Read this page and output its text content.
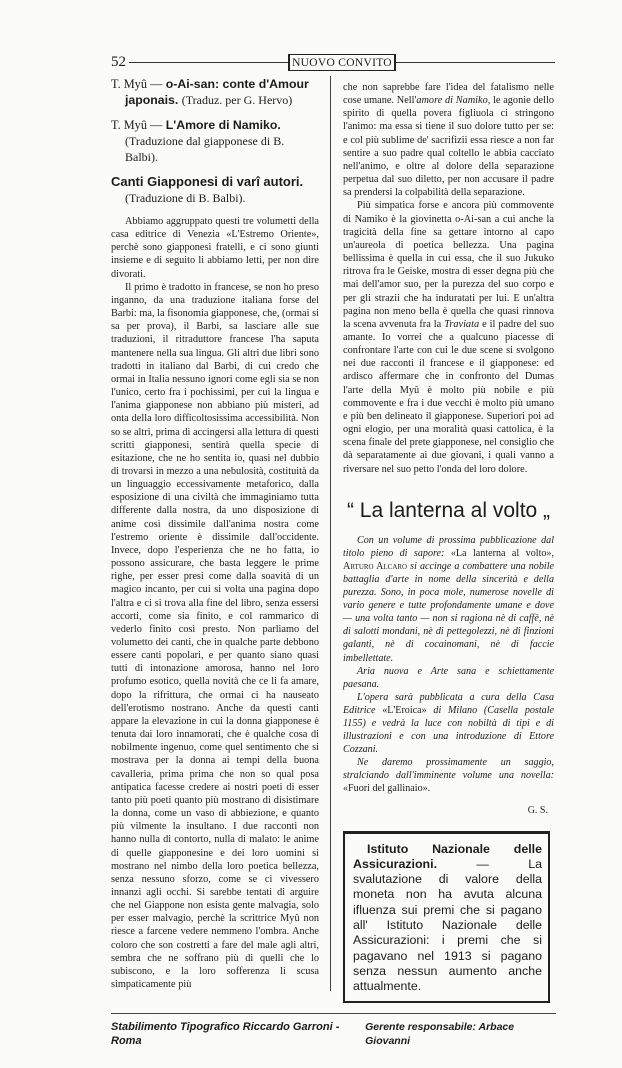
52	NUOVO CONVITO
T. Myû — o-Ai-san: conte d'Amour japonais. (Traduz. per G. Hervo)
T. Myû — L'Amore di Namiko. (Traduzione dal giapponese di B. Balbi).
Canti Giapponesi di varî autori. (Traduzione di B. Balbi).

Abbiamo aggruppato questi tre volumetti della casa editrice di Venezia «L'Estremo Oriente», perchè sono giapponesi fratelli, e ci sono giunti insieme e di seguito li abbiamo letti, per non dire divorati.

Il primo è tradotto in francese, se non ho preso inganno, da una traduzione italiana forse del Barbi: ma, la fisonomia giapponese, che, (ormai si sa per prova), il Barbi, sa lasciare alle sue traduzioni, il ritraduttore francese l'ha saputa mantenere nella sua lingua. Gli altri due libri sono tradotti in italiano dal Barbi, di cui credo che ormai in Italia nessuno ignori come egli sia se non l'unico, certo fra i pochissimi, per cui la lingua e l'anima giapponese non abbiano più misteri, ad onta della loro difficoltosissima accessibilità. Non so se altri, prima di accingersi alla lettura di questi scritti giapponesi, sentirà quella specie di esitazione, che ne ho sentita io, quasi nel dubbio di trovarsi in mezzo a una nebulosità, costituità da un linguaggio eccessivamente metaforico, dalla esposizione di una civiltà che immaginiamo tutta differente dalla nostra, da uno disposizione di anime così dissimile dall'anima nostra come l'estremo oriente è dissimile dall'occidente. Invece, dopo l'esperienza che ne ho fatta, io possono assicurare, che basta leggere le prime righe, per esser presi come dalla soavità di un magico incanto, per cui si volta una pagina dopo l'altra e ci si trova alla fine del libro, senza essersi accorti, come sia finito, e col rammarico di vederlo finito così presto. Non parliamo del volumetto dei canti, che in qualche parte debbono essere canti popolari, e per quanto siano quasi tutti di intonazione amorosa, hanno nel loro profumo esotico, quella novità che ce li fa amare, dopo la rifrittura, che ormai ci ha nauseato dell'erotismo nostrano. Anche da questi canti appare la elevazione in cui la donna giapponese è tenuta dai loro innamorati, che è qualche cosa di nobilmente ingenuo, come quel sentimento che si mostrava per la donna ai tempi della buona cavalleria, prima prima che non so qual posa antipatica facesse credere ai nostri poeti di esser tanto più poeti quanto più mostrano di disistimare la donna, come un vaso di abbiezione, e quanto più vilmente la insultano. I due racconti non hanno nulla di contorto, nulla di malato: le anime di quelle giapponesine e dei loro uomini si mostrano nel nimbo della loro poetica bellezza, senza nessuno sforzo, come se ci vivessero innanzi agli occhi. Si sarebbe tentati di arguire che nel Giappone non esista gente malvagia, solo per esser malvagio, perchè la scrittrice Myû non riesce a farcene vedere nemmeno l'ombra. Anche coloro che son costretti a fare del male agli altri, sembra che ne soffrano più di quelli che lo subiscono, e la loro sofferenza li scusa simpaticamente più

che non saprebbe fare l'idea del fatalismo nelle cose umane. Nell'amore di Namiko, le agonie dello spirito di quella povera figliuola ci stringono l'animo: ma essa si tiene il suo dolore tutto per se: e col più sublime de' sacrifizii essa riesce a non far sentire a suo padre qual coltello le abbia cacciato nell'animo, e oltre al dolore della separazione perpetua dal suo diletto, per non accusare il padre sa prendersi la colpabilità della separazione.

Più simpatica forse e ancora più commovente di Namiko è la giovinetta o-Ai-san a cui anche la tragicità della fine sa gettare intorno al capo un'aureola di poetica bellezza. Una pagina bellissima è quella in cui essa, che il suo Jukuko ritrova fra le Geiske, mostra di esser degna più che mai dell'amor suo, per la purezza del suo corpo e per gli strazii che ha induratati per lui. E un'altra pagina non meno bella è quella che quasi rinnova la scena avvenuta fra la Traviata e il padre del suo amante. Io vorrei che a qualcuno piacesse di confrontare l'arte con cui le due scene si svolgono nei due racconti il francese e il giapponese: ed ardisco affermare che in confronto del Dumas l'arte della Myû è molto più nobile e più commovente e fra i due vecchi è molto più umano e più ben delineato il giapponese. Superiori poi ad ogni elogio, per una moralità quasi cattolica, è la scena finale del prete giapponese, nel consiglio che dà separatamente ai due giovani, i quali vanno a riversare nel suo petto l'onda del loro dolore.

“ La lanterna al volto „

Con un volume di prossima pubblicazione dal titolo pieno di sapore: «La lanterna al volto», Arturo Alcaro si accinge a combattere una nobile battaglia d'arte in nome della sincerità e della purezza. Sono, in poca mole, numerose novelle di vario genere e tutte profondamente umane e dove — una volta tanto — non si ragiona nè di caffè, nè di salotti mondani, nè di pettegolezzi, nè di finzioni galanti, nè di cocainomani, nè di faccie imbellettate.

Aria nuova e Arte sana e schiettamente paesana.

L'opera sarà pubblicata a cura della Casa Editrice «L'Eroica» di Milano (Casella postale 1155) e vedrà la luce con nobiltà di tipi e di illustrazioni e con una introduzione di Ettore Cozzani.

Ne daremo prossimamente un saggio, stralciando dall'imminente volume una novella: «Fuori del gallinaio».

G. S.
Istituto Nazionale delle Assicurazioni. — La svalutazione di valore della moneta non ha avuta alcuna ifluenza sui premi che si pagano all' Istituto Nazionale delle Assicurazioni: i premi che si pagavano nel 1913 si pagano senza nessun aumento anche attualmente.
Stabilimento Tipografico Riccardo Garroni - Roma
Gerente responsabile: Arbace Giovanni
